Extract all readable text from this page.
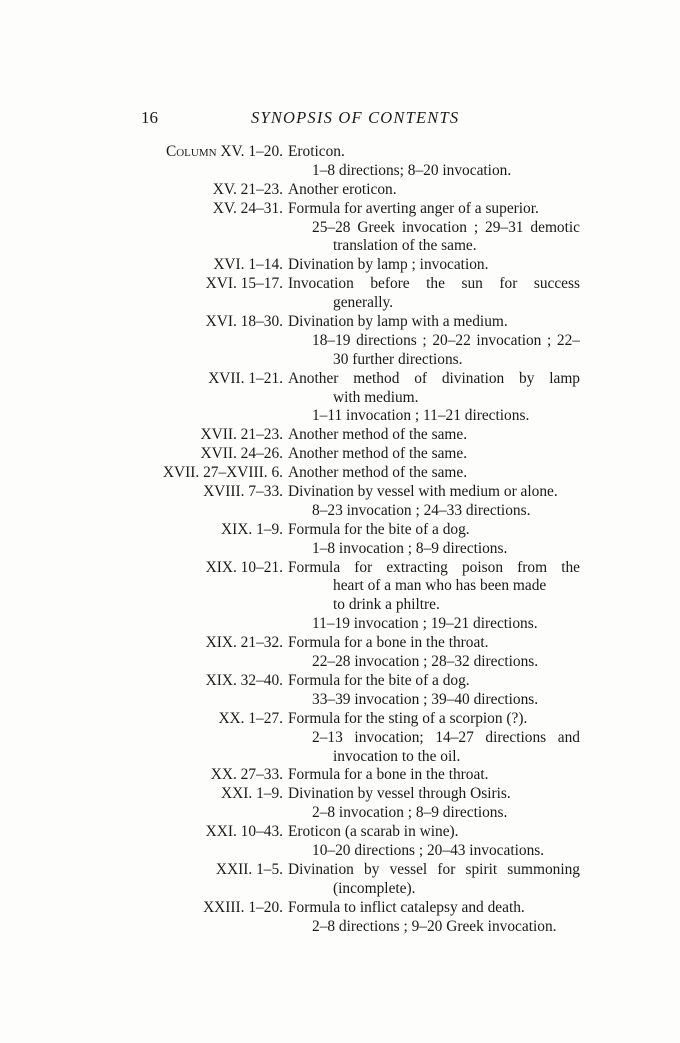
16	SYNOPSIS OF CONTENTS
Column XV. 1–20. Eroticon.
1–8 directions; 8–20 invocation.
XV. 21–23. Another eroticon.
XV. 24–31. Formula for averting anger of a superior.
25–28 Greek invocation ; 29–31 demotic
translation of the same.
XVI. 1–14. Divination by lamp ; invocation.
XVI. 15–17. Invocation before the sun for success
generally.
XVI. 18–30. Divination by lamp with a medium.
18–19 directions ; 20–22 invocation ; 22–
30 further directions.
XVII. 1–21. Another method of divination by lamp
with medium.
1–11 invocation ; 11–21 directions.
XVII. 21–23. Another method of the same.
XVII. 24–26. Another method of the same.
XVII. 27–XVIII. 6. Another method of the same.
XVIII. 7–33. Divination by vessel with medium or alone.
8–23 invocation ; 24–33 directions.
XIX. 1–9. Formula for the bite of a dog.
1–8 invocation ; 8–9 directions.
XIX. 10–21. Formula for extracting poison from the
heart of a man who has been made
to drink a philtre.
11–19 invocation ; 19–21 directions.
XIX. 21–32. Formula for a bone in the throat.
22–28 invocation ; 28–32 directions.
XIX. 32–40. Formula for the bite of a dog.
33–39 invocation ; 39–40 directions.
XX. 1–27. Formula for the sting of a scorpion (?).
2–13 invocation; 14–27 directions and
invocation to the oil.
XX. 27–33. Formula for a bone in the throat.
XXI. 1–9. Divination by vessel through Osiris.
2–8 invocation ; 8–9 directions.
XXI. 10–43. Eroticon (a scarab in wine).
10–20 directions ; 20–43 invocations.
XXII. 1–5. Divination by vessel for spirit summoning
(incomplete).
XXIII. 1–20. Formula to inflict catalepsy and death.
2–8 directions ; 9–20 Greek invocation.
